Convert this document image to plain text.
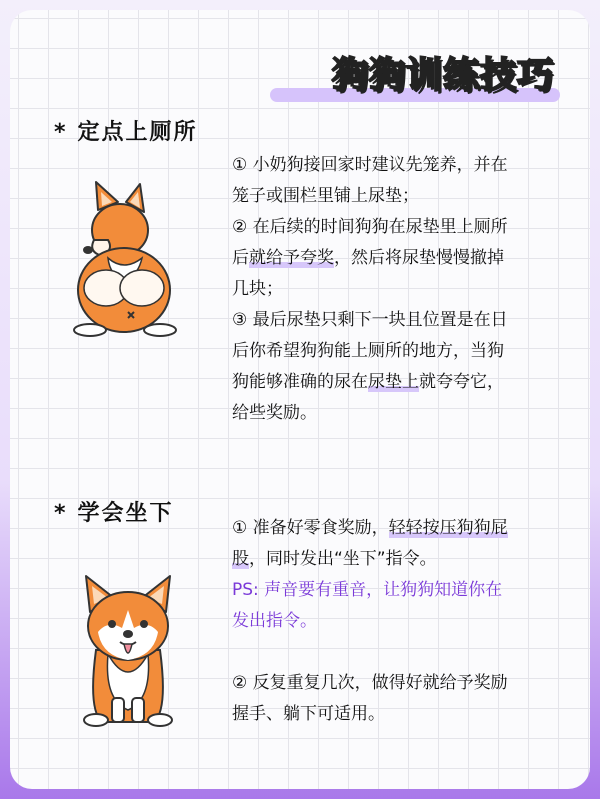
狗狗训练技巧
* 定点上厕所

① 小奶狗接回家时建议先笼养，并在

笼子或围栏里铺上尿垫；

② 在后续的时间狗狗在尿垫里上厕所

后就给予夸奖，然后将尿垫慢慢撤掉

几块；

③ 最后尿垫只剩下一块且位置是在日

后你希望狗狗能上厕所的地方，当狗

狗能够准确的尿在尿垫上就夸夸它，

给些奖励。

* 学会坐下

① 准备好零食奖励，轻轻按压狗狗屁

股，同时发出“坐下”指令。

PS: 声音要有重音，让狗狗知道你在

发出指令。

② 反复重复几次，做得好就给予奖励

握手、躺下可适用。
